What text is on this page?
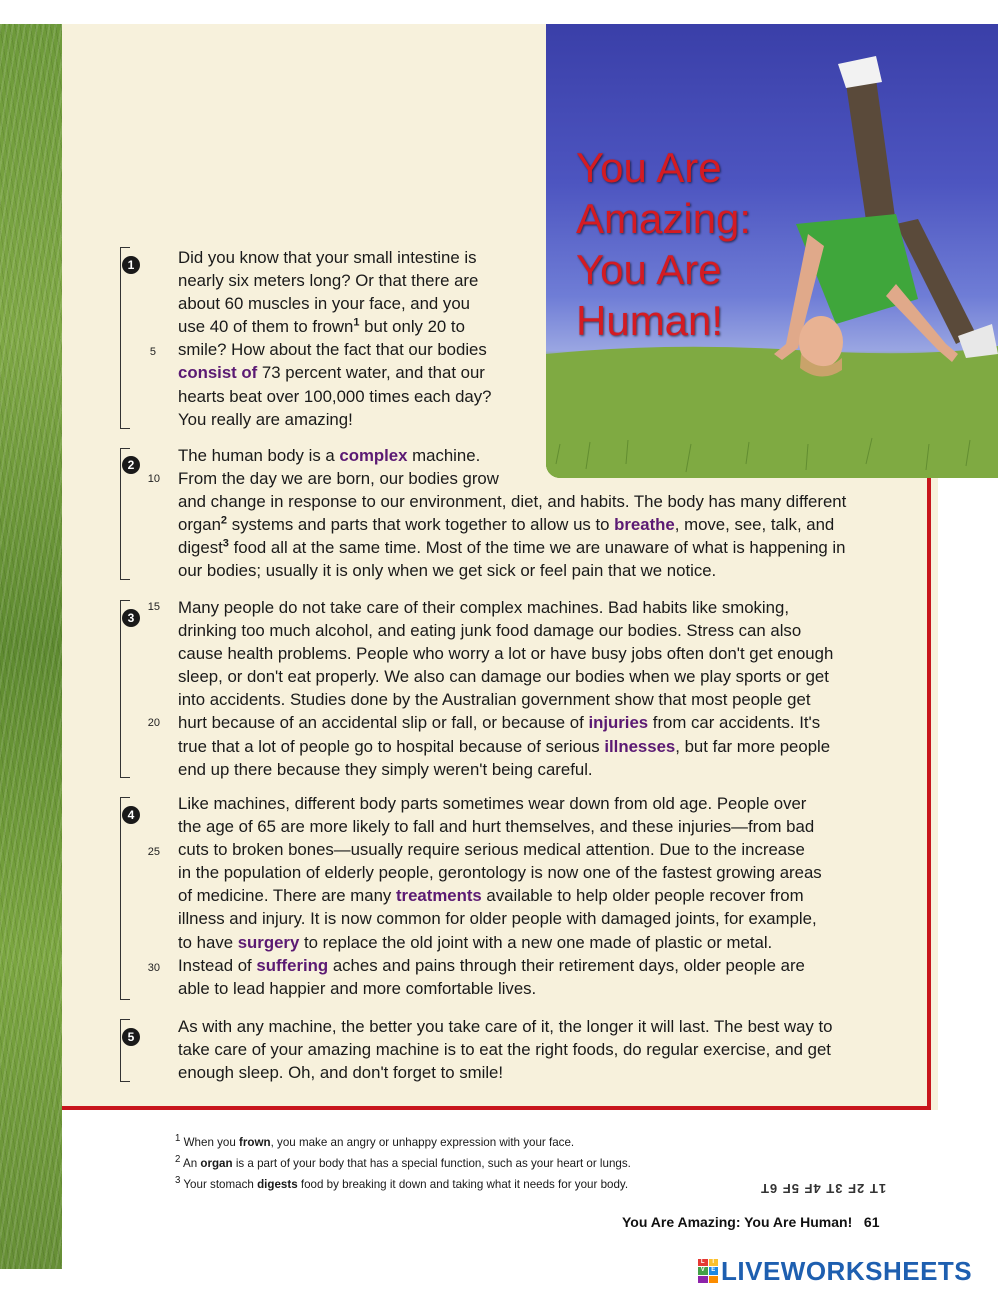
You Are Amazing: You Are Human!
1
2
3
4
5
5
10
15
20
25
30
Did you know that your small intestine is
nearly six meters long? Or that there are
about 60 muscles in your face, and you
use 40 of them to frown$^1$ but only 20 to
smile? How about the fact that our bodies
consist of 73 percent water, and that our
hearts beat over 100,000 times each day?
You really are amazing!
The human body is a complex machine.
From the day we are born, our bodies grow
and change in response to our environment, diet, and habits. The body has many different
organ$^2$ systems and parts that work together to allow us to breathe, move, see, talk, and
digest$^3$ food all at the same time. Most of the time we are unaware of what is happening in
our bodies; usually it is only when we get sick or feel pain that we notice.
Many people do not take care of their complex machines. Bad habits like smoking,
drinking too much alcohol, and eating junk food damage our bodies. Stress can also
cause health problems. People who worry a lot or have busy jobs often don't get enough
sleep, or don't eat properly. We also can damage our bodies when we play sports or get
into accidents. Studies done by the Australian government show that most people get
hurt because of an accidental slip or fall, or because of injuries from car accidents. It's
true that a lot of people go to hospital because of serious illnesses, but far more people
end up there because they simply weren't being careful.
Like machines, different body parts sometimes wear down from old age. People over
the age of 65 are more likely to fall and hurt themselves, and these injuries—from bad
cuts to broken bones—usually require serious medical attention. Due to the increase
in the population of elderly people, gerontology is now one of the fastest growing areas
of medicine. There are many treatments available to help older people recover from
illness and injury. It is now common for older people with damaged joints, for example,
to have surgery to replace the old joint with a new one made of plastic or metal.
Instead of suffering aches and pains through their retirement days, older people are
able to lead happier and more comfortable lives.
As with any machine, the better you take care of it, the longer it will last. The best way to
take care of your amazing machine is to eat the right foods, do regular exercise, and get
enough sleep. Oh, and don't forget to smile!
$^1$ When you frown, you make an angry or unhappy expression with your face.
$^2$ An organ is a part of your body that has a special function, such as your heart or lungs.
$^3$ Your stomach digests food by breaking it down and taking what it needs for your body.	1T 2F 3T 4F 5F 6T
You Are Amazing: You Are Human!   61
L	I
V	E LIVEWORKSHEETS
